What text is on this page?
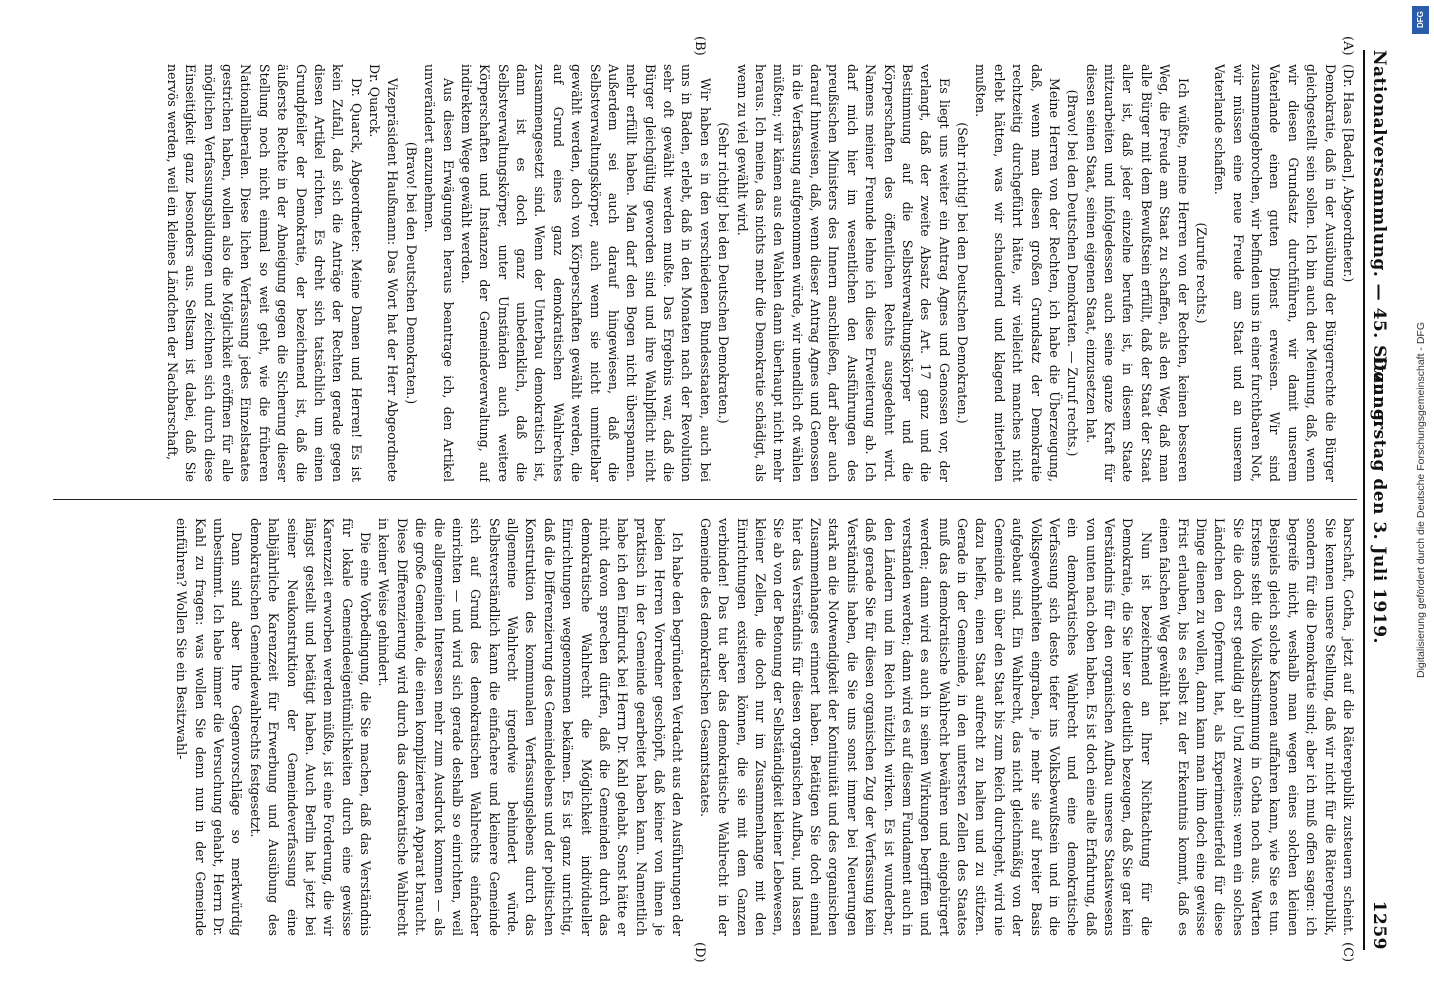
Nationalversammlung. — 45. Sitzung.
Donnerstag den 3. Juli 1919.
1259
(A)
(B)
(C)
(D)

(Dr. Haas [Baden], Abgeordneter.)

Demokratie, daß in der Ausübung der Bürgerrechte die Bürger gleichgestellt sein sollen. Ich bin auch der Meinung, daß, wenn wir diesen Grundsatz durchführen, wir damit unserem Vaterlande einen guten Dienst erweisen. Wir sind zusammengebrochen, wir befinden uns in einer furchtbaren Not, wir müssen eine neue Freude am Staat und an unserem Vaterlande schaffen.

(Zurufe rechts.)

Ich wüßte, meine Herren von der Rechten, keinen besseren Weg, die Freude am Staat zu schaffen, als den Weg, daß man alle Bürger mit dem Bewußtsein erfüllt, daß der Staat der Staat aller ist, daß jeder einzelne berufen ist, in diesem Staate mitzuarbeiten und infolgedessen auch seine ganze Kraft für diesen seinen Staat, seinen eigenen Staat, einzusetzen hat.

(Bravo! bei den Deutschen Demokraten. — Zuruf rechts.)

Meine Herren von der Rechten, ich habe die Überzeugung, daß, wenn man diesen großen Grundsatz der Demokratie rechtzeitig durchgeführt hätte, wir vielleicht manches nicht erlebt hätten, was wir schaudernd und klagend miterleben mußten.

(Sehr richtig! bei den Deutschen Demokraten.)

Es liegt uns weiter ein Antrag Agnes und Genossen vor, der verlangt, daß der zweite Absatz des Art. 17 ganz und die Bestimmung auf die Selbstverwaltungskörper und die Körperschaften des öffentlichen Rechts ausgedehnt wird. Namens meiner Freunde lehne ich diese Erweiterung ab. Ich darf mich hier im wesentlichen den Ausführungen des preußischen Ministers des Innern anschließen, darf aber auch darauf hinweisen, daß, wenn dieser Antrag Agnes und Genossen in die Verfassung aufgenommen würde, wir unendlich oft wählen müßten; wir kämen aus den Wahlen dann überhaupt nicht mehr heraus. Ich meine, das nichts mehr die Demokratie schädigt, als wenn zu viel gewählt wird.

(Sehr richtig! bei den Deutschen Demokraten.)

Wir haben es in den verschiedenen Bundesstaaten, auch bei uns in Baden, erlebt, daß in den Monaten nach der Revolution sehr oft gewählt werden mußte. Das Ergebnis war, daß die Bürger gleichgültig geworden sind und ihre Wahlpflicht nicht mehr erfüllt haben. Man darf den Bogen nicht überspannen. Außerdem sei auch darauf hingewiesen, daß die Selbstverwaltungskörper, auch wenn sie nicht unmittelbar gewählt werden, doch von Körperschaften gewählt werden, die auf Grund eines ganz demokratischen Wahlrechtes zusammengesetzt sind. Wenn der Unterbau demokratisch ist, dann ist es doch ganz unbedenklich, daß die Selbstverwaltungskörper, unter Umständen auch weitere Körperschaften und Instanzen der Gemeindeverwaltung, auf indirektem Wege gewählt werden.

Aus diesen Erwägungen heraus beantrage ich, den Artikel unverändert anzunehmen.

(Bravo! bei den Deutschen Demokraten.)

Vizepräsident Haußmann: Das Wort hat der Herr Abgeordnete Dr. Quarck.

Dr. Quarck, Abgeordneter: Meine Damen und Herren! Es ist kein Zufall, daß sich die Anträge der Rechten gerade gegen diesen Artikel richten. Es dreht sich tatsächlich um einen Grundpfeiler der Demokratie, der bezeichnend ist, daß die äußerste Rechte in der Abneigung gegen die Sicherung dieser Stellung noch nicht einmal so weit geht, wie die früheren Nationalliberalen. Diese lichen Verfassung jedes Einzelstaates gestrichen haben, wollen also die Möglichkeit eröffnen für alle möglichen Verfassungsbildungen und zeichnen sich durch diese Einseitigkeit ganz besonders aus. Seltsam ist dabei, daß Sie nervös werden, weil ein kleines Ländchen der Nachbarschaft,

barschaft, Gotha, jetzt auf die Räterepublik zusteuern scheint. Sie kennen unsere Stellung, daß wir nicht für die Räterepublik, sondern für die Demokratie sind; aber ich muß offen sagen: ich begreife nicht, weshalb man wegen eines solchen kleinen Beispiels gleich solche Kanonen auffahren kann, wie Sie es tun. Erstens steht die Volksabstimmung in Gotha noch aus. Warten Sie die doch erst geduldig ab! Und zweitens: wenn ein solches Ländchen den Opfermut hat, als Experimentierfeld für diese Dinge dienen zu wollen, dann kann man ihm doch eine gewisse Frist erlauben, bis es selbst zu der Erkenntnis kommt, daß es einen falschen Weg gewählt hat.

Nun ist bezeichnend an Ihrer Nichtachtung für die Demokratie, die Sie hier so deutlich bezeugen, daß Sie gar kein Verständnis für den organischen Aufbau unseres Staatswesens von unten nach oben haben. Es ist doch eine alte Erfahrung, daß ein demokratisches Wahlrecht und eine demokratische Verfassung sich desto tiefer ins Volksbewußtsein und in die Volksgewohnheiten eingraben, je mehr sie auf breiter Basis aufgebaut sind. Ein Wahlrecht, das nicht gleichmäßig von der Gemeinde an über den Staat bis zum Reich durchgeht, wird nie dazu helfen, einen Staat aufrecht zu halten und zu stützen. Gerade in der Gemeinde, in den untersten Zellen des Staates muß das demokratische Wahlrecht bewähren und eingebürgert werden; dann wird es auch in seinen Wirkungen begriffen und verstanden werden; dann wird es auf diesem Fundament auch in den Ländern und im Reich nützlich wirken. Es ist wunderbar, daß gerade Sie für diesen organischen Zug der Verfassung kein Verständnis haben, die Sie uns sonst immer bei Neuerungen stark an die Notwendigkeit der Kontinuität und des organischen Zusammenhanges erinnert haben. Betätigen Sie doch einmal hier das Verständnis für diesen organischen Aufbau, und lassen Sie ab von der Betonung der Selbständigkeit kleiner Lebewesen, kleiner Zellen, die doch nur im Zusammenhange mit den Einrichtungen existieren können, die sie mit dem Ganzen verbinden! Das tut aber das demokratische Wahlrecht in der Gemeinde des demokratischen Gesamtstaates.

Ich habe den begründeten Verdacht aus den Ausführungen der beiden Herren Vorredner geschöpft, daß keiner von ihnen je praktisch in der Gemeinde gearbeitet haben kann. Namentlich habe ich den Eindruck bei Herrn Dr. Kahl gehabt. Sonst hätte er nicht davon sprechen dürfen, daß die Gemeinden durch das demokratische Wahlrecht die Möglichkeit individueller Einrichtungen weggenommen bekämen. Es ist ganz unrichtig, daß die Differenzierung des Gemeindelebens und der politischen Konstruktion des kommunalen Verfassungslebens durch das allgemeine Wahlrecht irgendwie behindert würde. Selbstverständlich kann die einfachere und kleinere Gemeinde sich auf Grund des demokratischen Wahlrechts einfacher einrichten — und wird sich gerade deshalb so einrichten, weil die allgemeinen Interessen mehr zum Ausdruck kommen — als die große Gemeinde, die einen komplizierteren Apparat braucht. Diese Differenzierung wird durch das demokratische Wahlrecht in keiner Weise gehindert.

Die eine Vorbedingung, die Sie machen, daß das Verständnis für lokale Gemeindeeigentümlichkeiten durch eine gewisse Karenzzeit erworben werden müßte, ist eine Forderung, die wir längst gestellt und betätigt haben. Auch Berlin hat jetzt bei seiner Neukonstruktion der Gemeindeverfassung eine halbjährliche Karenzzeit für Erwerbung und Ausübung des demokratischen Gemeindewahlrechts festgesetzt.

Dann sind aber Ihre Gegenvorschläge so merkwürdig unbestimmt. Ich habe immer die Versuchung gehabt, Herrn Dr. Kahl zu fragen: was wollen Sie denn nun in der Gemeinde einführen? Wollen Sie ein Besitzwahl-

DFG
Digitalisierung gefördert durch die Deutsche Forschungsgemeinschaft - DFG
